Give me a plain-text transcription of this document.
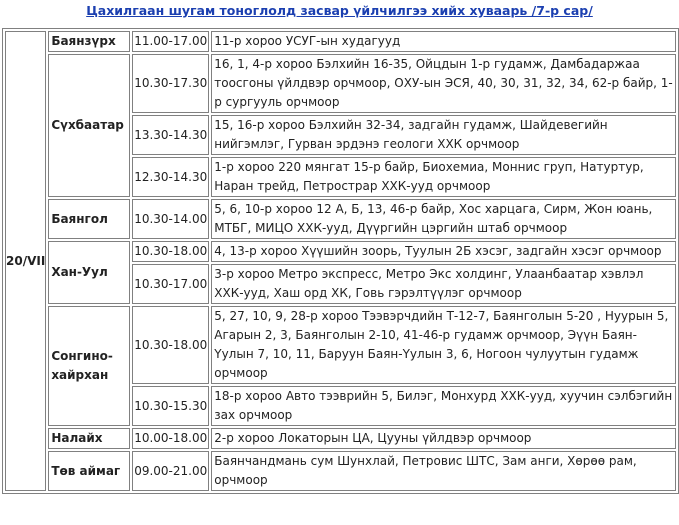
Цахилгаан шугам тоноглолд засвар үйлчилгээ хийх хуваарь /7-р сар/
20/VII	Баянзүрх	11.00-17.00	11-р хороо УСУГ-ын худагууд
	Сүхбаатар	10.30-17.30	16, 1, 4-р хороо Бэлхийн 16-35, Ойцдын 1-р гудамж, Дамбадаржаа тоосгоны үйлдвэр орчмоор, ОХУ-ын ЭСЯ, 40, 30, 31, 32, 34, 62-р байр, 1-р сургууль орчмоор
		13.30-14.30	15, 16-р хороо Бэлхийн 32-34, задгайн гудамж, Шайдевегийн нийгэмлэг, Гурван эрдэнэ геологи ХХК орчмоор
		12.30-14.30	1-р хороо 220 мянгат 15-р байр, Биохемиа, Моннис груп, Натуртур, Наран трейд, Петрострар ХХК-ууд орчмоор
	Баянгол	10.30-14.00	5, 6, 10-р хороо 12 А, Б, 13, 46-р байр, Хос харцага, Сирм, Жон юань, МТБГ, МИЦО ХХК-ууд, Дүүргийн цэргийн штаб орчмоор
	Хан-Уул	10.30-18.00	4, 13-р хороо Хүүшийн зоорь, Туулын 2Б хэсэг, задгайн хэсэг орчмоор
		10.30-17.00	3-р хороо Метро экспресс, Метро Экс холдинг, Улаанбаатар хэвлэл ХХК-ууд, Хаш орд ХК, Говь гэрэлтүүлэг орчмоор
	Сонгино-хайрхан	10.30-18.00	5, 27, 10, 9, 28-р хороо Тээвэрчдийн Т-12-7, Баянголын 5-20 , Нуурын 5, Агарын 2, 3, Баянголын 2-10, 41-46-р гудамж орчмоор, Эүүн Баян-Үулын 7, 10, 11, Баруун Баян-Үулын 3, 6, Ногоон чулуутын гудамж орчмоор
		10.30-15.30	18-р хороо Авто тээврийн 5, Билэг, Монхурд ХХК-ууд, хуучин сэлбэгийн зах орчмоор
	Налайх	10.00-18.00	2-р хороо Локаторын ЦА, Цууны үйлдвэр орчмоор
	Төв аймаг	09.00-21.00	Баянчандмань сум Шунхлай, Петровис ШТС, Зам анги, Хөрөө рам, орчмоор
